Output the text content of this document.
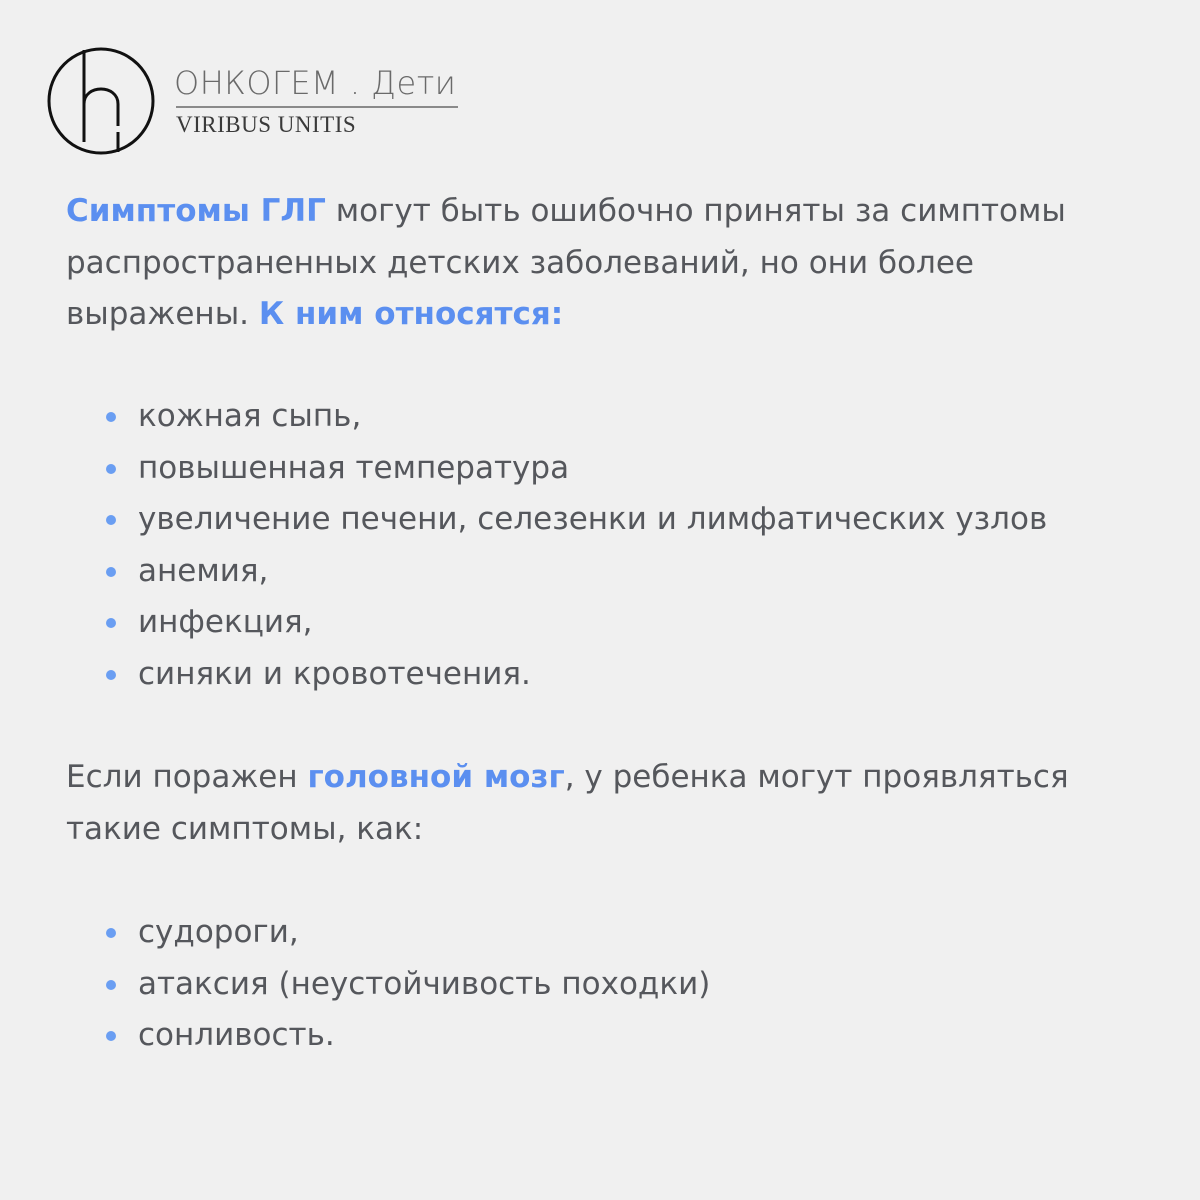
ОНКОГЕМ . Дети
VIRIBUS UNITIS

Симптомы ГЛГ могут быть ошибочно приняты за симптомы распространенных детских заболеваний, но они более выражены. К ним относятся:

кожная сыпь,
повышенная температура
увеличение печени, селезенки и лимфатических узлов
анемия,
инфекция,
синяки и кровотечения.

Если поражен головной мозг, у ребенка могут проявляться такие симптомы, как:

судороги,
атаксия (неустойчивость походки)
сонливость.
